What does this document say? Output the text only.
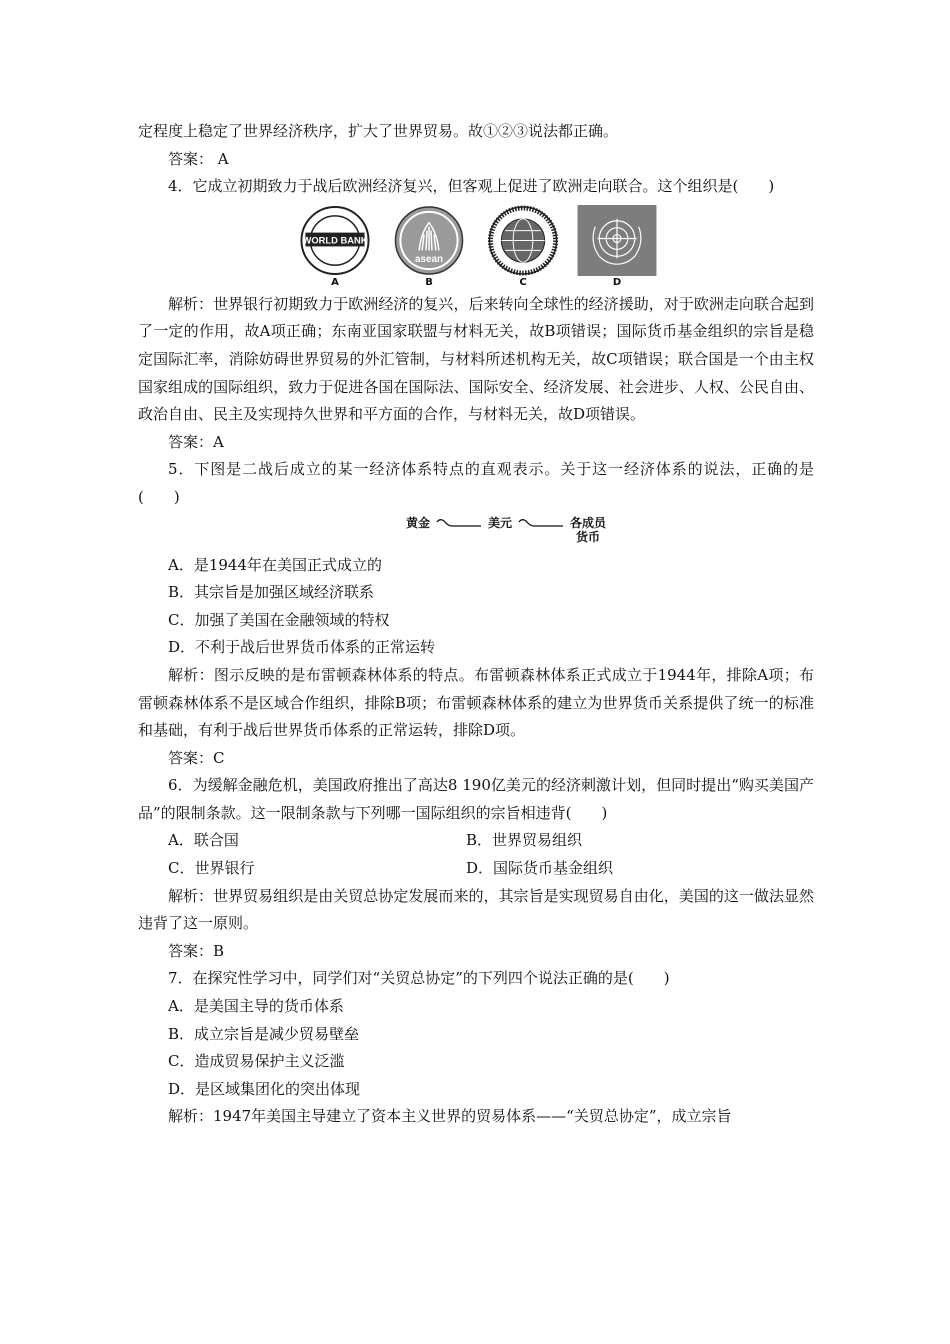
定程度上稳定了世界经济秩序，扩大了世界贸易。故①②③说法都正确。

答案： A

4．它成立初期致力于战后欧洲经济复兴，但客观上促进了欧洲走向联合。这个组织是(　　)

WORLD BANK
A
asean
B	C	D

解析：世界银行初期致力于欧洲经济的复兴，后来转向全球性的经济援助，对于欧洲走向联合起到了一定的作用，故A项正确；东南亚国家联盟与材料无关，故B项错误；国际货币基金组织的宗旨是稳定国际汇率，消除妨碍世界贸易的外汇管制，与材料所述机构无关，故C项错误；联合国是一个由主权国家组成的国际组织，致力于促进各国在国际法、国际安全、经济发展、社会进步、人权、公民自由、政治自由、民主及实现持久世界和平方面的合作，与材料无关，故D项错误。

答案：A

5．下图是二战后成立的某一经济体系特点的直观表示。关于这一经济体系的说法，正确的是(　　)

黄金	美元	各成员
货币

A．是1944年在美国正式成立的

B．其宗旨是加强区域经济联系

C．加强了美国在金融领域的特权

D．不利于战后世界货币体系的正常运转

解析：图示反映的是布雷顿森林体系的特点。布雷顿森林体系正式成立于1944年，排除A项；布雷顿森林体系不是区域合作组织，排除B项；布雷顿森林体系的建立为世界货币关系提供了统一的标准和基础，有利于战后世界货币体系的正常运转，排除D项。

答案：C

6．为缓解金融危机，美国政府推出了高达8 190亿美元的经济刺激计划，但同时提出“购买美国产品”的限制条款。这一限制条款与下列哪一国际组织的宗旨相违背(　　)

A．联合国	B．世界贸易组织
C．世界银行	D．国际货币基金组织

解析：世界贸易组织是由关贸总协定发展而来的，其宗旨是实现贸易自由化，美国的这一做法显然违背了这一原则。

答案：B

7．在探究性学习中，同学们对“关贸总协定”的下列四个说法正确的是(　　)

A．是美国主导的货币体系

B．成立宗旨是减少贸易壁垒

C．造成贸易保护主义泛滥

D．是区域集团化的突出体现

解析：1947年美国主导建立了资本主义世界的贸易体系——“关贸总协定”，成立宗旨
